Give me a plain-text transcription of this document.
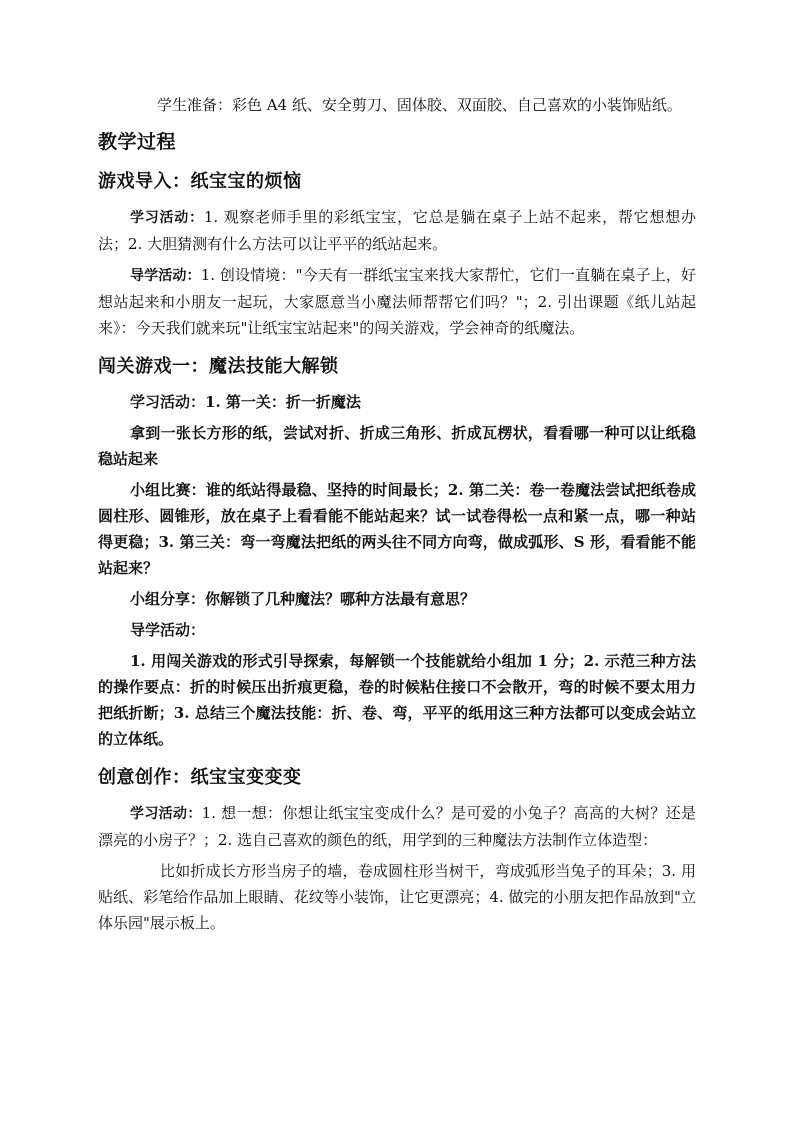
学生准备：彩色 A4 纸、安全剪刀、固体胶、双面胶、自己喜欢的小装饰贴纸。

教学过程
游戏导入：纸宝宝的烦恼

学习活动：1. 观察老师手里的彩纸宝宝，它总是躺在桌子上站不起来，帮它想想办法；2. 大胆猜测有什么方法可以让平平的纸站起来。

导学活动：1. 创设情境："今天有一群纸宝宝来找大家帮忙，它们一直躺在桌子上，好想站起来和小朋友一起玩，大家愿意当小魔法师帮帮它们吗？"；2. 引出课题《纸儿站起来》：今天我们就来玩"让纸宝宝站起来"的闯关游戏，学会神奇的纸魔法。

闯关游戏一：魔法技能大解锁

学习活动：1. 第一关：折一折魔法

拿到一张长方形的纸，尝试对折、折成三角形、折成瓦楞状，看看哪一种可以让纸稳稳站起来

小组比赛：谁的纸站得最稳、坚持的时间最长；2. 第二关：卷一卷魔法尝试把纸卷成圆柱形、圆锥形，放在桌子上看看能不能站起来？试一试卷得松一点和紧一点，哪一种站得更稳；3. 第三关：弯一弯魔法把纸的两头往不同方向弯，做成弧形、S 形，看看能不能站起来？

小组分享：你解锁了几种魔法？哪种方法最有意思？

导学活动：

1. 用闯关游戏的形式引导探索，每解锁一个技能就给小组加 1 分；2. 示范三种方法的操作要点：折的时候压出折痕更稳，卷的时候粘住接口不会散开，弯的时候不要太用力把纸折断；3. 总结三个魔法技能：折、卷、弯，平平的纸用这三种方法都可以变成会站立的立体纸。

创意创作：纸宝宝变变变

学习活动：1. 想一想：你想让纸宝宝变成什么？是可爱的小兔子？高高的大树？还是漂亮的小房子？；2. 选自己喜欢的颜色的纸，用学到的三种魔法方法制作立体造型：

比如折成长方形当房子的墙，卷成圆柱形当树干，弯成弧形当兔子的耳朵；3. 用贴纸、彩笔给作品加上眼睛、花纹等小装饰，让它更漂亮；4. 做完的小朋友把作品放到"立体乐园"展示板上。
